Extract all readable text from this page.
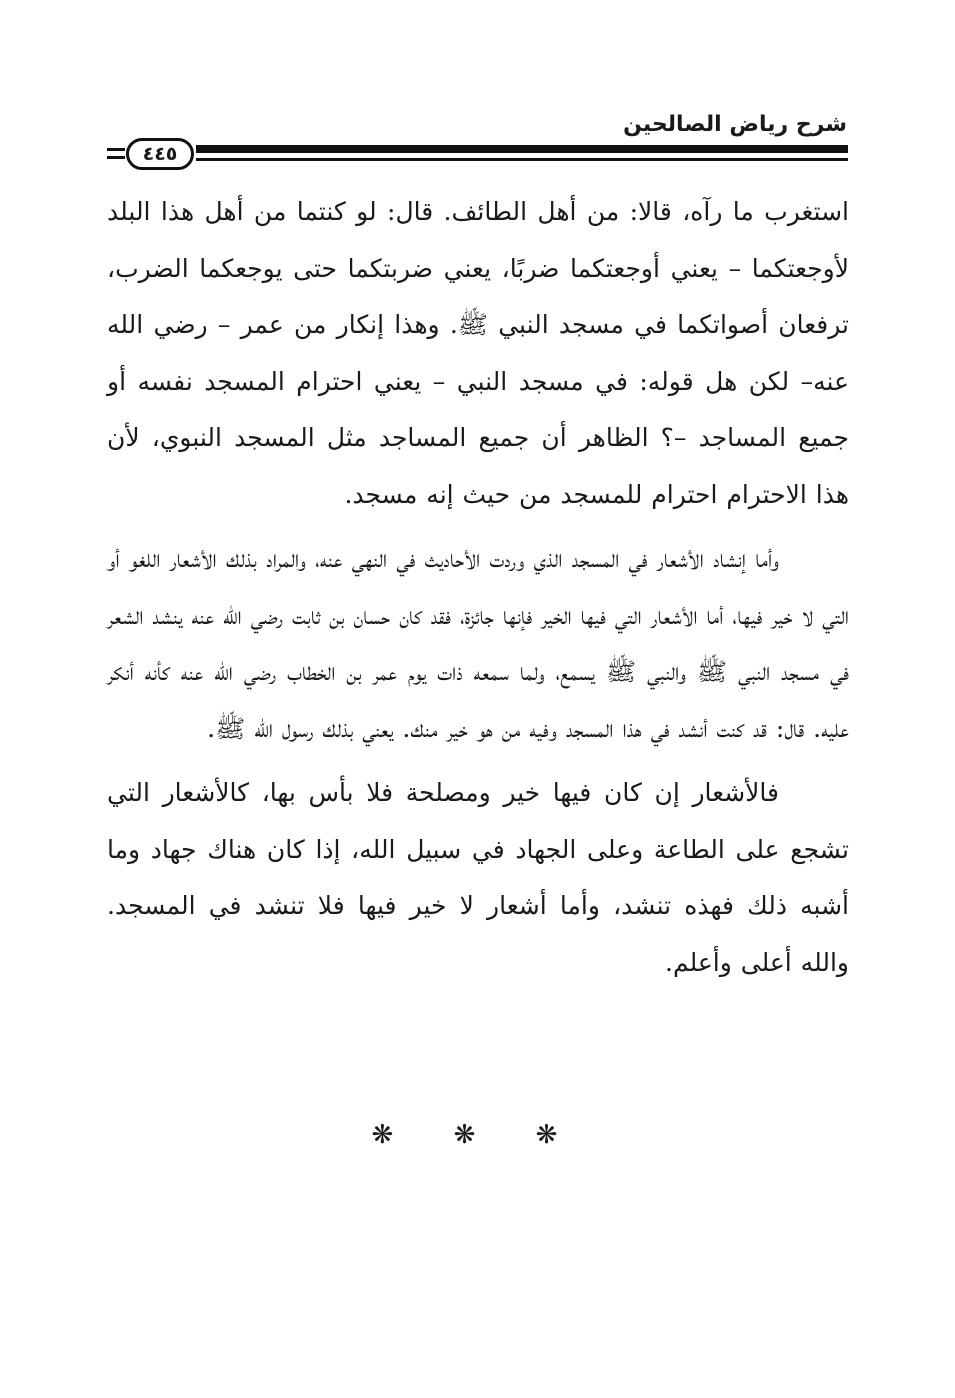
شرح رياض الصالحين
٤٤٥

استغرب ما رآه، قالا: من أهل الطائف. قال: لو كنتما من أهل هذا البلد لأوجعتكما – يعني أوجعتكما ضربًا، يعني ضربتكما حتى يوجعكما الضرب، ترفعان أصواتكما في مسجد النبي ﷺ. وهذا إنكار من عمر – رضي الله عنه– لكن هل قوله: في مسجد النبي – يعني احترام المسجد نفسه أو جميع المساجد –؟ الظاهر أن جميع المساجد مثل المسجد النبوي، لأن هذا الاحترام احترام للمسجد من حيث إنه مسجد.

وأما إنشاد الأشعار في المسجد الذي وردت الأحاديث في النهي عنه، والمراد بذلك الأشعار اللغو أو التي لا خير فيها، أما الأشعار التي فيها الخير فإنها جائزة، فقد كان حسان بن ثابت رضي الله عنه ينشد الشعر في مسجد النبي ﷺ والنبي ﷺ يسمع، ولما سمعه ذات يوم عمر بن الخطاب رضي الله عنه كأنه أنكر عليه. قال: قد كنت أنشد في هذا المسجد وفيه من هو خير منك. يعني بذلك رسول الله ﷺ.

فالأشعار إن كان فيها خير ومصلحة فلا بأس بها، كالأشعار التي تشجع على الطاعة وعلى الجهاد في سبيل الله، إذا كان هناك جهاد وما أشبه ذلك فهذه تنشد، وأما أشعار لا خير فيها فلا تنشد في المسجد. والله أعلى وأعلم.

❋ ❋ ❋
